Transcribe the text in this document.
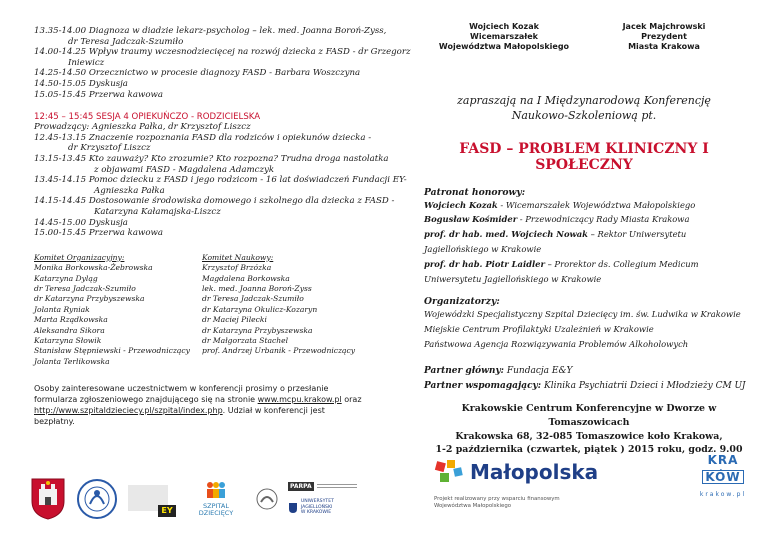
13.35-14.00 Diagnoza w diadzie lekarz-psycholog – lek. med. Joanna Boroń-Zyss,
dr Teresa Jadczak-Szumiło
14.00-14.25 Wpływ traumy wczesnodziecięcej na rozwój dziecka z FASD - dr Grzegorz
Iniewicz
14.25-14.50 Orzecznictwo w procesie diagnozy FASD - Barbara Woszczyna
14.50-15.05 Dyskusja
15.05-15.45 Przerwa kawowa
12:45 – 15:45 SESJA 4 OPIEKUŃCZO - RODZICIELSKA
Prowadzący: Agnieszka Pałka, dr Krzysztof Liszcz
12.45-13.15 Znaczenie rozpoznania FASD dla rodziców i opiekunów dziecka -
dr Krzysztof Liszcz
13.15-13.45 Kto zauważy? Kto zrozumie? Kto rozpozna? Trudna droga nastolatka
z objawami FASD - Magdalena Adamczyk
13.45-14.15 Pomoc dziecku z FASD i jego rodzicom - 16 lat doświadczeń Fundacji EY-
Agnieszka Pałka
14.15-14.45 Dostosowanie środowiska domowego i szkolnego dla dziecka z FASD -
Katarzyna Kałamajska-Liszcz
14.45-15.00 Dyskusja
15.00-15.45 Przerwa kawowa
Komitet Organizacyjny:
Monika Borkowska-Żebrowska
Katarzyna Dyląg
dr Teresa Jadczak-Szumiło
dr Katarzyna Przybyszewska
Jolanta Ryniak
Marta Rządkowska
Aleksandra Sikora
Katarzyna Słowik
Stanisław Stępniewski - Przewodniczący
Jolanta Terlikowska
Komitet Naukowy:
Krzysztof Brzózka
Magdalena Borkowska
lek. med. Joanna Boroń-Zyss
dr Teresa Jadczak-Szumiło
dr Katarzyna Okulicz-Kozaryn
dr Maciej Pilecki
dr Katarzyna Przybyszewska
dr Małgorzata Stachel
prof. Andrzej Urbanik - Przewodniczący
Osoby zainteresowane uczestnictwem w konferencji prosimy o przesłanie formularza zgłoszeniowego znajdującego się na stronie www.mcpu.krakow.pl oraz http://www.szpitaldzieciecy.pl/szpital/index.php. Udział w konferencji jest bezpłatny.
EY	SZPITAL
DZIECIĘCY
PARPA
UNIWERSYTET JAGIELLOŃSKI
W KRAKOWIE
Wojciech Kozak
Wicemarszałek
Województwa Małopolskiego
Jacek Majchrowski
Prezydent
Miasta Krakowa
zapraszają na I Międzynarodową Konferencję
Naukowo-Szkoleniową pt.
FASD – PROBLEM KLINICZNY I SPOŁECZNY
Patronat honorowy:
Wojciech Kozak - Wicemarszałek Województwa Małopolskiego
Bogusław Kośmider - Przewodniczący Rady Miasta Krakowa
prof. dr hab. med. Wojciech Nowak – Rektor Uniwersytetu Jagiellońskiego w Krakowie
prof. dr hab. Piotr Laidler – Prorektor ds. Collegium Medicum Uniwersytetu Jagiellońskiego w Krakowie
Organizatorzy:
Wojewódzki Specjalistyczny Szpital Dziecięcy im. św. Ludwika w Krakowie
Miejskie Centrum Profilaktyki Uzależnień w Krakowie
Państwowa Agencja Rozwiązywania Problemów Alkoholowych
Partner główny: Fundacja E&Y
Partner wspomagający: Klinika Psychiatrii Dzieci i Młodzieży CM UJ
Krakowskie Centrum Konferencyjne w Dworze w Tomaszowicach
Krakowska 68, 32-085 Tomaszowice koło Krakowa,
1-2 października (czwartek, piątek ) 2015 roku, godz. 9.00
Małopolska
Projekt realizowany przy wsparciu finansowym
Województwa Małopolskiego
KRA
KÓW
krakow.pl
